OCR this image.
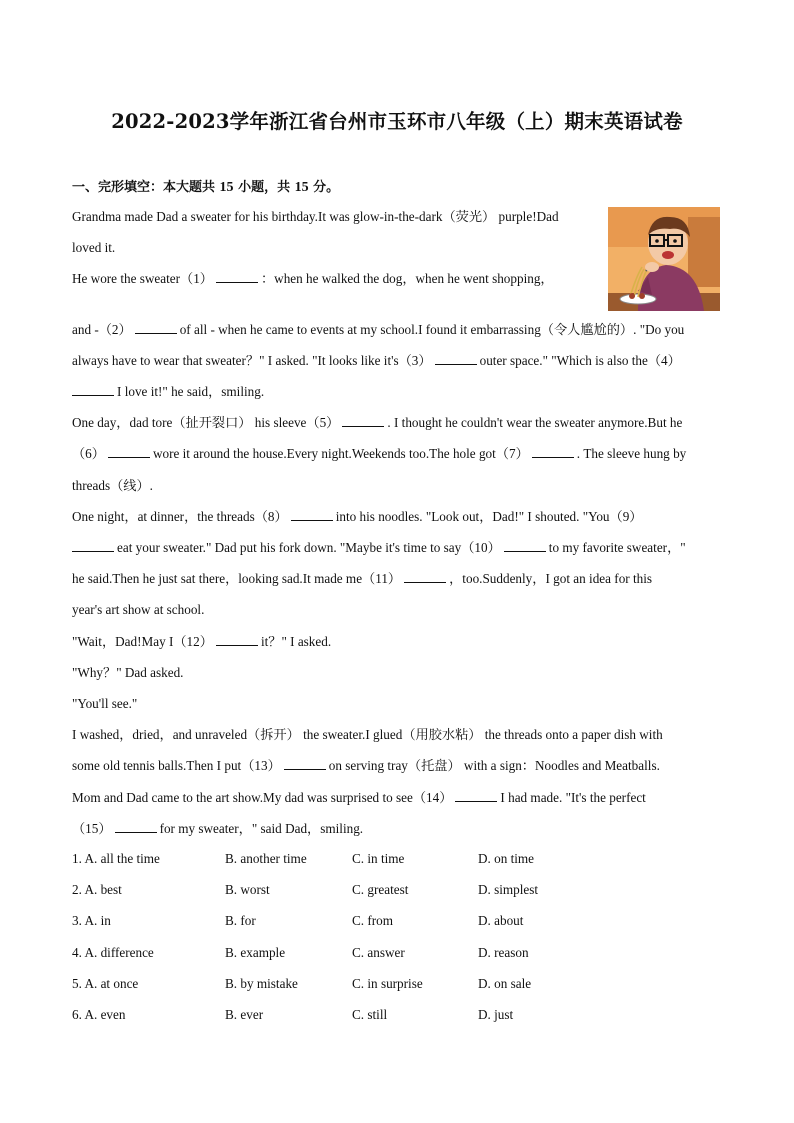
2022-2023学年浙江省台州市玉环市八年级（上）期末英语试卷
一、完形填空：本大题共 15 小题，共 15 分。
Grandma made Dad a sweater for his birthday.It was glow-in-the-dark（荧光） purple!Dad
loved it.
He wore the sweater（1）	：when he walked the dog，when he went shopping，
and -（2）	of all - when he came to events at my school.I found it embarrassing（令人尴尬的）. "Do you
always have to wear that sweater？" I asked. "It looks like it's（3）	outer space." "Which is also the（4）
I love it!" he said，smiling.
One day，dad tore（扯开裂口） his sleeve（5）	. I thought he couldn't wear the sweater anymore.But he
（6）	wore it around the house.Every night.Weekends too.The hole got（7）	. The sleeve hung by
threads（线）.
One night，at dinner，the threads（8）	into his noodles. "Look out，Dad!" I shouted. "You（9）
eat your sweater." Dad put his fork down. "Maybe it's time to say（10）	to my favorite sweater，"
he said.Then he just sat there，looking sad.It made me（11）	，too.Suddenly，I got an idea for this
year's art show at school.
"Wait，Dad!May I（12）	it？" I asked.
"Why？" Dad asked.
"You'll see."
I washed，dried，and unraveled（拆开） the sweater.I glued（用胶水粘） the threads onto a paper dish with
some old tennis balls.Then I put（13）	on serving tray（托盘） with a sign：Noodles and Meatballs.
Mom and Dad came to the art show.My dad was surprised to see（14）	I had made. "It's the perfect
（15）	for my sweater，" said Dad，smiling.
1. A. all the time	B. another time	C. in time	D. on time
2. A. best	B. worst	C. greatest	D. simplest
3. A. in	B. for	C. from	D. about
4. A. difference	B. example	C. answer	D. reason
5. A. at once	B. by mistake	C. in surprise	D. on sale
6. A. even	B. ever	C. still	D. just
